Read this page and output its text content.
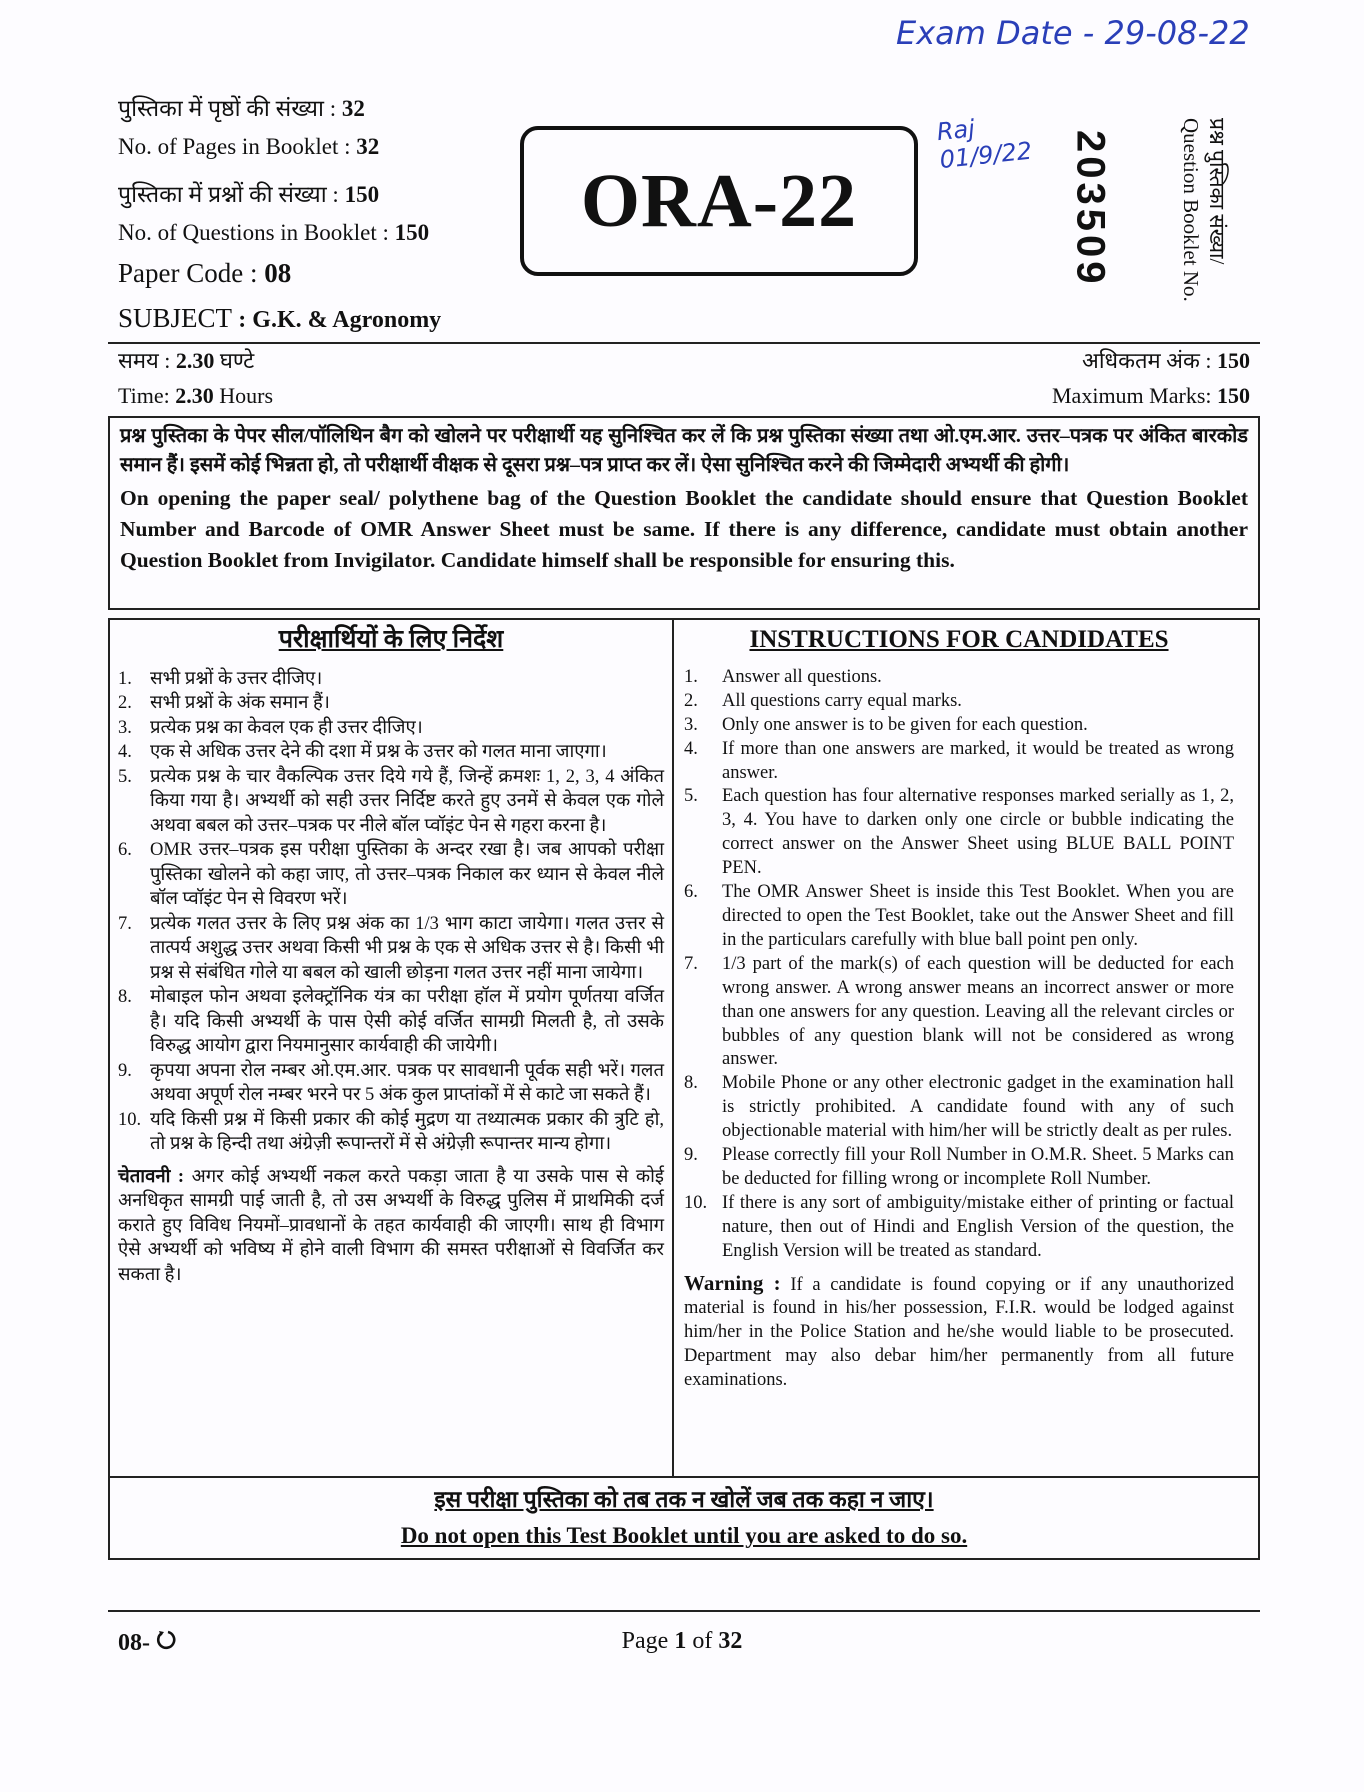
Exam Date - 29-08-22
Raj 01/9/22
पुस्तिका में पृष्ठों की संख्या : 32
No. of Pages in Booklet : 32
पुस्तिका में प्रश्नों की संख्या : 150
No. of Questions in Booklet : 150
Paper Code : 08
SUBJECT : G.K. & Agronomy
ORA-22	203509	प्रश्न पुस्तिका संख्या/ Question Booklet No.
समय : 2.30 घण्टे
Time: 2.30 Hours
अधिकतम अंक : 150
Maximum Marks: 150
प्रश्न पुस्तिका के पेपर सील/पॉलिथिन बैग को खोलने पर परीक्षार्थी यह सुनिश्चित कर लें कि प्रश्न पुस्तिका संख्या तथा ओ.एम.आर. उत्तर–पत्रक पर अंकित बारकोड समान हैं। इसमें कोई भिन्नता हो, तो परीक्षार्थी वीक्षक से दूसरा प्रश्न–पत्र प्राप्त कर लें। ऐसा सुनिश्चित करने की जिम्मेदारी अभ्यर्थी की होगी।
On opening the paper seal/ polythene bag of the Question Booklet the candidate should ensure that Question Booklet Number and Barcode of OMR Answer Sheet must be same. If there is any difference, candidate must obtain another Question Booklet from Invigilator. Candidate himself shall be responsible for ensuring this.
परीक्षार्थियों के लिए निर्देश
1. सभी प्रश्नों के उत्तर दीजिए।
2. सभी प्रश्नों के अंक समान हैं।
3. प्रत्येक प्रश्न का केवल एक ही उत्तर दीजिए।
4. एक से अधिक उत्तर देने की दशा में प्रश्न के उत्तर को गलत माना जाएगा।
5. प्रत्येक प्रश्न के चार वैकल्पिक उत्तर दिये गये हैं, जिन्हें क्रमशः 1, 2, 3, 4 अंकित किया गया है। अभ्यर्थी को सही उत्तर निर्दिष्ट करते हुए उनमें से केवल एक गोले अथवा बबल को उत्तर–पत्रक पर नीले बॉल प्वॉइंट पेन से गहरा करना है।
6. OMR उत्तर–पत्रक इस परीक्षा पुस्तिका के अन्दर रखा है। जब आपको परीक्षा पुस्तिका खोलने को कहा जाए, तो उत्तर–पत्रक निकाल कर ध्यान से केवल नीले बॉल प्वॉइंट पेन से विवरण भरें।
7. प्रत्येक गलत उत्तर के लिए प्रश्न अंक का 1/3 भाग काटा जायेगा। गलत उत्तर से तात्पर्य अशुद्ध उत्तर अथवा किसी भी प्रश्न के एक से अधिक उत्तर से है। किसी भी प्रश्न से संबंधित गोले या बबल को खाली छोड़ना गलत उत्तर नहीं माना जायेगा।
8. मोबाइल फोन अथवा इलेक्ट्रॉनिक यंत्र का परीक्षा हॉल में प्रयोग पूर्णतया वर्जित है। यदि किसी अभ्यर्थी के पास ऐसी कोई वर्जित सामग्री मिलती है, तो उसके विरुद्ध आयोग द्वारा नियमानुसार कार्यवाही की जायेगी।
9. कृपया अपना रोल नम्बर ओ.एम.आर. पत्रक पर सावधानी पूर्वक सही भरें। गलत अथवा अपूर्ण रोल नम्बर भरने पर 5 अंक कुल प्राप्तांकों में से काटे जा सकते हैं।
10. यदि किसी प्रश्न में किसी प्रकार की कोई मुद्रण या तथ्यात्मक प्रकार की त्रुटि हो, तो प्रश्न के हिन्दी तथा अंग्रेज़ी रूपान्तरों में से अंग्रेज़ी रूपान्तर मान्य होगा।
चेतावनी : अगर कोई अभ्यर्थी नकल करते पकड़ा जाता है या उसके पास से कोई अनधिकृत सामग्री पाई जाती है, तो उस अभ्यर्थी के विरुद्ध पुलिस में प्राथमिकी दर्ज कराते हुए विविध नियमों–प्रावधानों के तहत कार्यवाही की जाएगी। साथ ही विभाग ऐसे अभ्यर्थी को भविष्य में होने वाली विभाग की समस्त परीक्षाओं से विवर्जित कर सकता है।
INSTRUCTIONS FOR CANDIDATES
1. Answer all questions.
2. All questions carry equal marks.
3. Only one answer is to be given for each question.
4. If more than one answers are marked, it would be treated as wrong answer.
5. Each question has four alternative responses marked serially as 1, 2, 3, 4. You have to darken only one circle or bubble indicating the correct answer on the Answer Sheet using BLUE BALL POINT PEN.
6. The OMR Answer Sheet is inside this Test Booklet. When you are directed to open the Test Booklet, take out the Answer Sheet and fill in the particulars carefully with blue ball point pen only.
7. 1/3 part of the mark(s) of each question will be deducted for each wrong answer. A wrong answer means an incorrect answer or more than one answers for any question. Leaving all the relevant circles or bubbles of any question blank will not be considered as wrong answer.
8. Mobile Phone or any other electronic gadget in the examination hall is strictly prohibited. A candidate found with any of such objectionable material with him/her will be strictly dealt as per rules.
9. Please correctly fill your Roll Number in O.M.R. Sheet. 5 Marks can be deducted for filling wrong or incomplete Roll Number.
10. If there is any sort of ambiguity/mistake either of printing or factual nature, then out of Hindi and English Version of the question, the English Version will be treated as standard.
Warning : If a candidate is found copying or if any unauthorized material is found in his/her possession, F.I.R. would be lodged against him/her in the Police Station and he/she would liable to be prosecuted. Department may also debar him/her permanently from all future examinations.
इस परीक्षा पुस्तिका को तब तक न खोलें जब तक कहा न जाए।
Do not open this Test Booklet until you are asked to do so.
08-	Page 1 of 32
